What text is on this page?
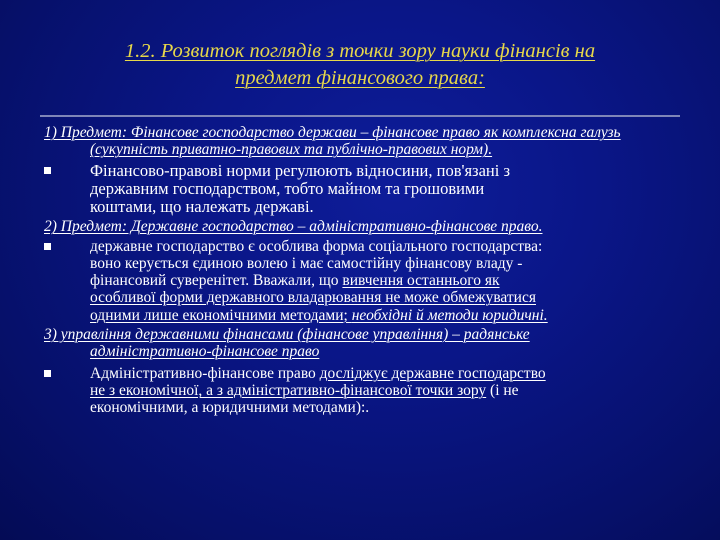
1.2. Розвиток поглядів з точки зору науки фінансів на
предмет фінансового права:
1) Предмет: Фінансове господарство держави – фінансове право як комплексна галузь
(сукупність приватно-правових та публічно-правових норм).
Фінансово-правові норми регулюють відносини, пов'язані з
державним господарством, тобто майном та грошовими
коштами, що належать державі.
2) Предмет: Державне господарство – адміністративно-фінансове право.
державне господарство є особлива форма соціального господарства:
воно керується єдиною волею і має самостійну фінансову владу -
фінансовий суверенітет. Вважали, що вивчення останнього як
особливої форми державного владарювання не може обмежуватися
одними лише економічними методами; необхідні й методи юридичні.
3) управління державними фінансами (фінансове управління) – радянське
адміністративно-фінансове право
Адміністративно-фінансове право досліджує державне господарство
не з економічної, а з адміністративно-фінансової точки зору (і не
економічними, а юридичними методами):.
